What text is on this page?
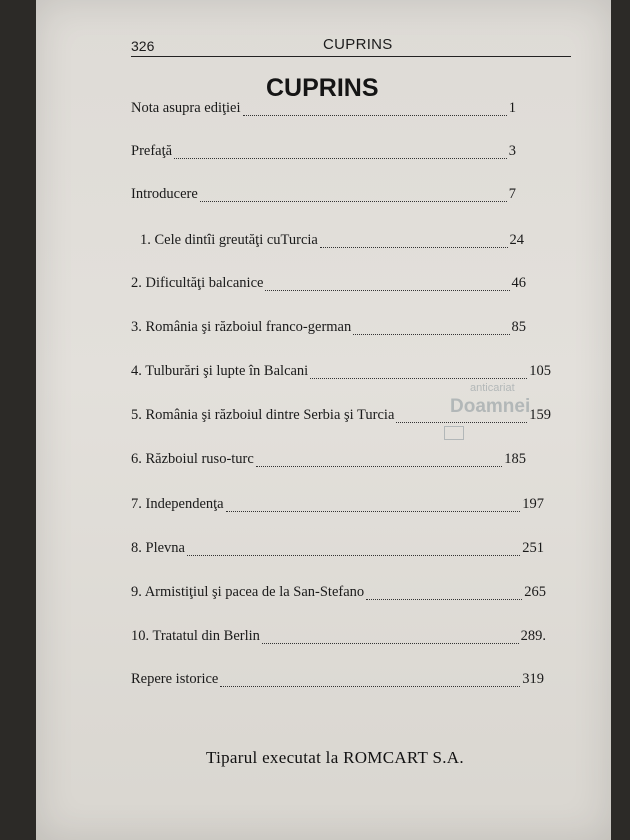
326	CUPRINS
CUPRINS
anticariat
Doamnei
Nota asupra ediţiei	1
Prefaţă	3
Introducere	7
1. Cele dintîi greutăţi cuTurcia	24
2. Dificultăţi balcanice	46
3. România şi războiul franco-german	85
4. Tulburări şi lupte în Balcani	105
5. România şi războiul dintre Serbia şi Turcia	159
6. Războiul ruso-turc	185
7. Independenţa	197
8. Plevna	251
9. Armistiţiul şi pacea de la San-Stefano	265
10. Tratatul din Berlin	289.
Repere istorice	319
Tiparul executat la ROMCART S.A.
